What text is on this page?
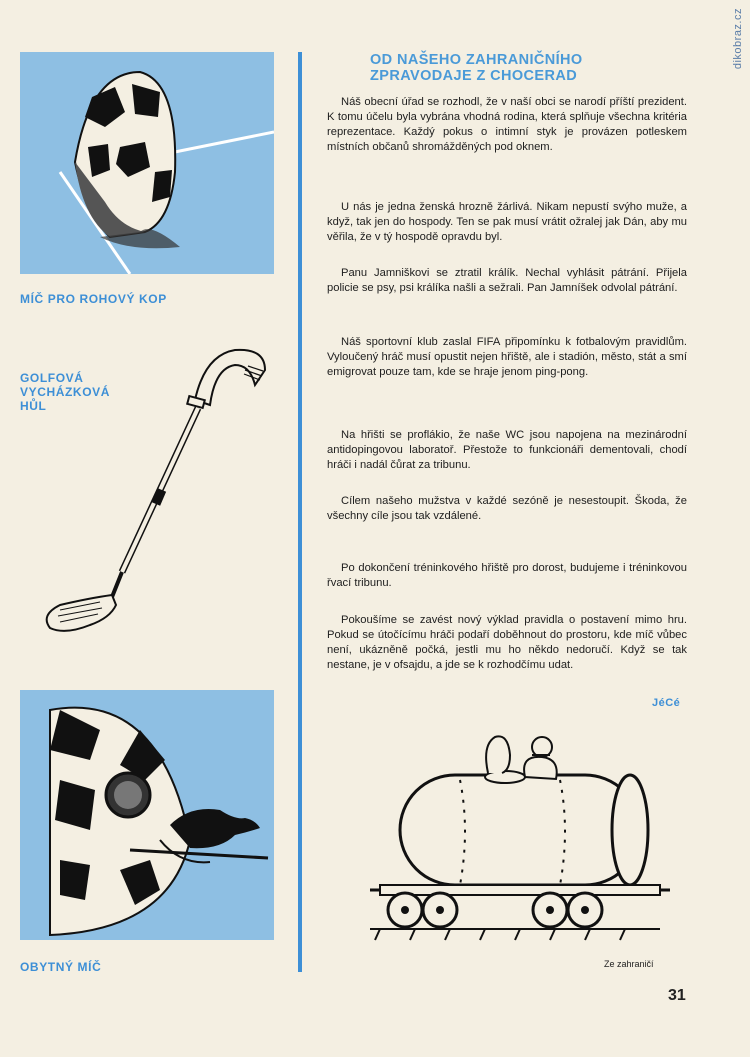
dikobraz.cz
MÍČ PRO ROHOVÝ KOP
GOLFOVÁ
VYCHÁZKOVÁ
HŮL
OBYTNÝ MÍČ
OD NAŠEHO ZAHRANIČNÍHO
ZPRAVODAJE Z CHOCERAD

Náš obecní úřad se rozhodl, že v naší obci se narodí příští prezident. K tomu účelu byla vybrána vhodná rodina, která splňuje všechna kritéria reprezentace. Každý pokus o intimní styk je provázen potleskem místních občanů shromážděných pod oknem.

U nás je jedna ženská hrozně žárlivá. Nikam nepustí svýho muže, a když, tak jen do hospody. Ten se pak musí vrátit ožralej jak Dán, aby mu věřila, že v tý hospodě opravdu byl.

Panu Jamniškovi se ztratil králík. Nechal vyhlásit pátrání. Přijela policie se psy, psi králíka našli a sežrali. Pan Jamníšek odvolal pátrání.

Náš sportovní klub zaslal FIFA připomínku k fotbalovým pravidlům. Vyloučený hráč musí opustit nejen hřiště, ale i stadión, město, stát a smí emigrovat pouze tam, kde se hraje jenom ping-pong.

Na hřišti se proflákio, že naše WC jsou napojena na mezinárodní antidopingovou laboratoř. Přestože to funkcionáři dementovali, chodí hráči i nadál čůrat za tribunu.

Cílem našeho mužstva v každé sezóně je nesestoupit. Škoda, že všechny cíle jsou tak vzdálené.

Po dokončení tréninkového hřiště pro dorost, budujeme i tréninkovou řvací tribunu.

Pokoušíme se zavést nový výklad pravidla o postavení mimo hru. Pokud se útočícímu hráči podaří doběhnout do prostoru, kde míč vůbec není, ukázněně počká, jestli mu ho někdo nedoručí. Když se tak nestane, je v ofsajdu, a jde se k rozhodčímu udat.

JéCé
Ze zahraničí
31
